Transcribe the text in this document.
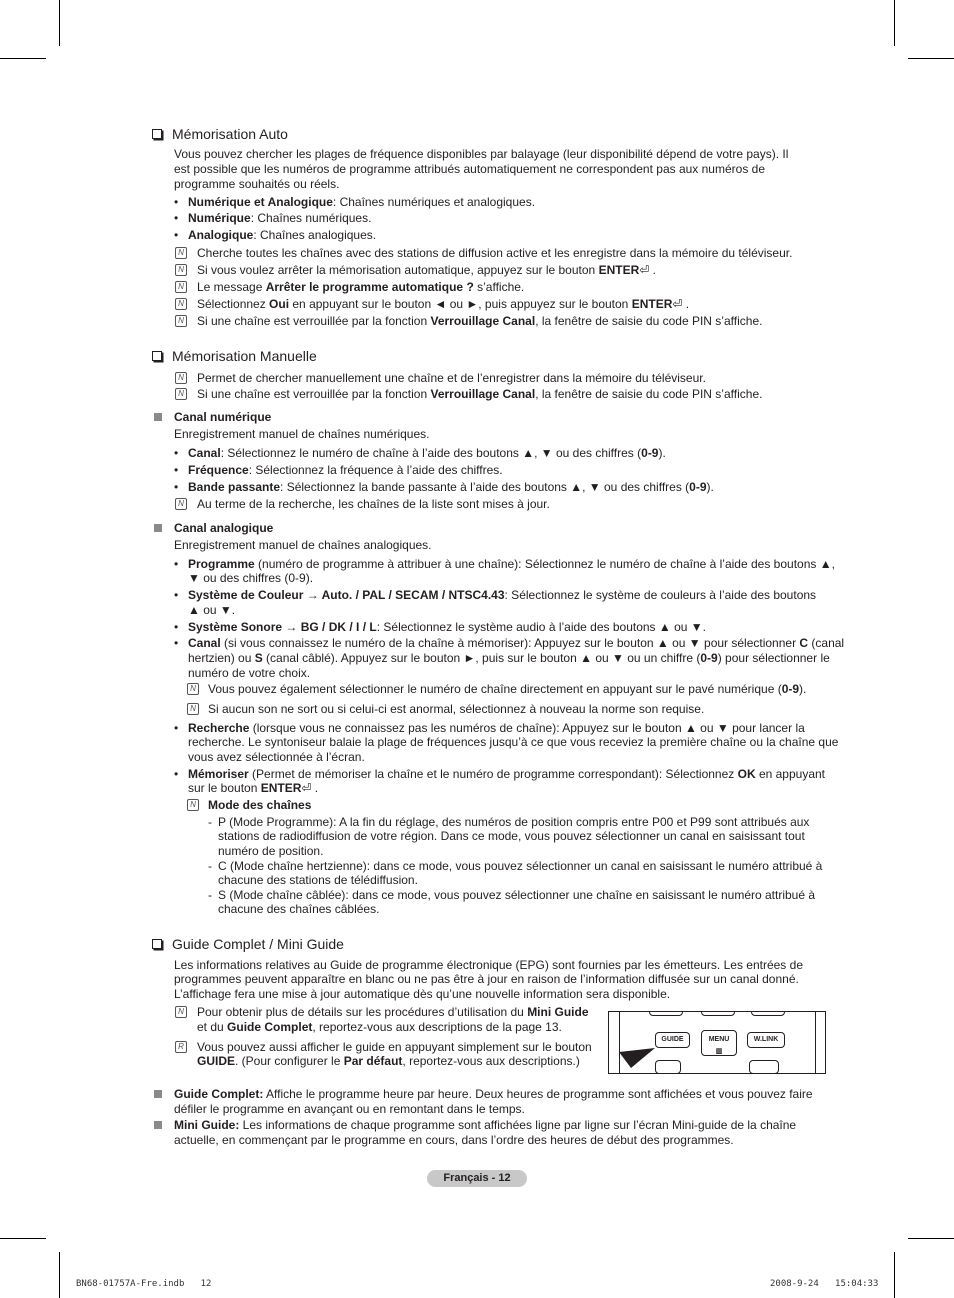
Mémorisation Auto
Vous pouvez chercher les plages de fréquence disponibles par balayage (leur disponibilité dépend de votre pays). Il est possible que les numéros de programme attribués automatiquement ne correspondent pas aux numéros de programme souhaités ou réels.
• Numérique et Analogique: Chaînes numériques et analogiques.
• Numérique: Chaînes numériques.
• Analogique: Chaînes analogiques.
N Cherche toutes les chaînes avec des stations de diffusion active et les enregistre dans la mémoire du téléviseur.
N Si vous voulez arrêter la mémorisation automatique, appuyez sur le bouton ENTER⏎ .
N Le message Arrêter le programme automatique ? s’affiche.
N Sélectionnez Oui en appuyant sur le bouton ◄ ou ►, puis appuyez sur le bouton ENTER⏎ .
N Si une chaîne est verrouillée par la fonction Verrouillage Canal, la fenêtre de saisie du code PIN s’affiche.
Mémorisation Manuelle
N Permet de chercher manuellement une chaîne et de l’enregistrer dans la mémoire du téléviseur.
N Si une chaîne est verrouillée par la fonction Verrouillage Canal, la fenêtre de saisie du code PIN s’affiche.
Canal numérique
Enregistrement manuel de chaînes numériques.
• Canal: Sélectionnez le numéro de chaîne à l’aide des boutons ▲, ▼ ou des chiffres (0-9).
• Fréquence: Sélectionnez la fréquence à l’aide des chiffres.
• Bande passante: Sélectionnez la bande passante à l’aide des boutons ▲, ▼ ou des chiffres (0-9).
N Au terme de la recherche, les chaînes de la liste sont mises à jour.
Canal analogique
Enregistrement manuel de chaînes analogiques.
• Programme (numéro de programme à attribuer à une chaîne): Sélectionnez le numéro de chaîne à l’aide des boutons ▲,
▼ ou des chiffres (0-9).
• Système de Couleur → Auto. / PAL / SECAM / NTSC4.43: Sélectionnez le système de couleurs à l’aide des boutons
▲ ou ▼.
• Système Sonore → BG / DK / I / L: Sélectionnez le système audio à l’aide des boutons ▲ ou ▼.
• Canal (si vous connaissez le numéro de la chaîne à mémoriser): Appuyez sur le bouton ▲ ou ▼ pour sélectionner C (canal
hertzien) ou S (canal câblé). Appuyez sur le bouton ►, puis sur le bouton ▲ ou ▼ ou un chiffre (0-9) pour sélectionner le
numéro de votre choix.
N Vous pouvez également sélectionner le numéro de chaîne directement en appuyant sur le pavé numérique (0-9).
N Si aucun son ne sort ou si celui-ci est anormal, sélectionnez à nouveau la norme son requise.
• Recherche (lorsque vous ne connaissez pas les numéros de chaîne): Appuyez sur le bouton ▲ ou ▼ pour lancer la
recherche. Le syntoniseur balaie la plage de fréquences jusqu’à ce que vous receviez la première chaîne ou la chaîne que
vous avez sélectionnée à l’écran.
• Mémoriser (Permet de mémoriser la chaîne et le numéro de programme correspondant): Sélectionnez OK en appuyant
sur le bouton ENTER⏎ .
N Mode des chaînes
- P (Mode Programme): A la fin du réglage, des numéros de position compris entre P00 et P99 sont attribués aux
stations de radiodiffusion de votre région. Dans ce mode, vous pouvez sélectionner un canal en saisissant tout
numéro de position.
- C (Mode chaîne hertzienne): dans ce mode, vous pouvez sélectionner un canal en saisissant le numéro attribué à
chacune des stations de télédiffusion.
- S (Mode chaîne câblée): dans ce mode, vous pouvez sélectionner une chaîne en saisissant le numéro attribué à
chacune des chaînes câblées.
Guide Complet / Mini Guide
Les informations relatives au Guide de programme électronique (EPG) sont fournies par les émetteurs. Les entrées de
programmes peuvent apparaître en blanc ou ne pas être à jour en raison de l’information diffusée sur un canal donné.
L’affichage fera une mise à jour automatique dès qu’une nouvelle information sera disponible.
N Pour obtenir plus de détails sur les procédures d’utilisation du Mini Guide
et du Guide Complet, reportez-vous aux descriptions de la page 13.
R Vous pouvez aussi afficher le guide en appuyant simplement sur le bouton
GUIDE. (Pour configurer le Par défaut, reportez-vous aux descriptions.)
GUIDE	MENU
▥
W.LINK
Guide Complet: Affiche le programme heure par heure. Deux heures de programme sont affichées et vous pouvez faire
défiler le programme en avançant ou en remontant dans le temps.
Mini Guide: Les informations de chaque programme sont affichées ligne par ligne sur l’écran Mini-guide de la chaîne
actuelle, en commençant par le programme en cours, dans l’ordre des heures de début des programmes.
Français - 12
BN68-01757A-Fre.indb   12	2008-9-24   15:04:33
